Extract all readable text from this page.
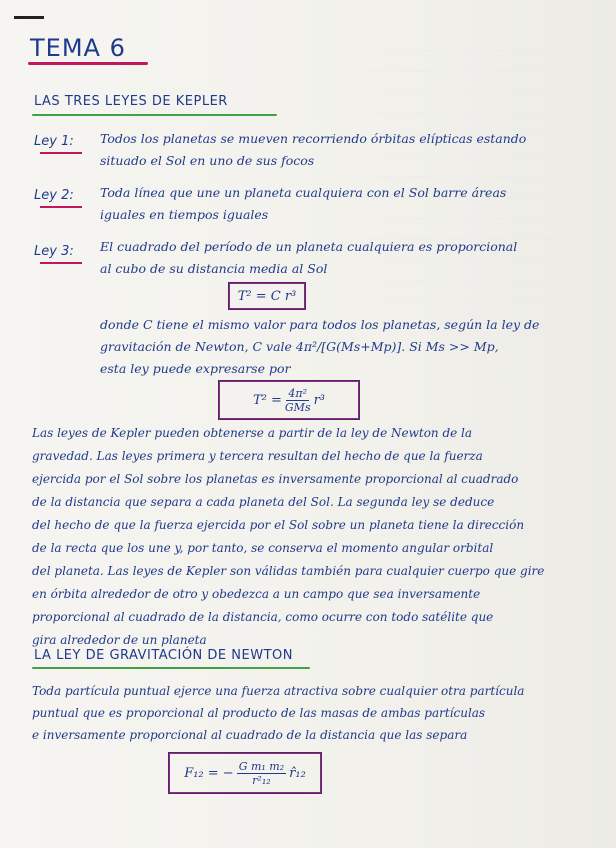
TEMA 6
LAS TRES LEYES DE KEPLER
Ley 1: Todos los planetas se mueven recorriendo órbitas elípticas estando
situado el Sol en uno de sus focos
Ley 2: Toda línea que une un planeta cualquiera con el Sol barre áreas
iguales en tiempos iguales
Ley 3: El cuadrado del período de un planeta cualquiera es proporcional
al cubo de su distancia media al Sol
T² = C r³
donde C tiene el mismo valor para todos los planetas, según la ley de
gravitación de Newton, C vale 4π²/[G(Ms+Mp)]. Si Ms >> Mp,
esta ley puede expresarse por
$T^2 = \frac{\text{4π²}}{\text{GMs}} r^3$
Las leyes de Kepler pueden obtenerse a partir de la ley de Newton de la
gravedad. Las leyes primera y tercera resultan del hecho de que la fuerza
ejercida por el Sol sobre los planetas es inversamente proporcional al cuadrado
de la distancia que separa a cada planeta del Sol. La segunda ley se deduce
del hecho de que la fuerza ejercida por el Sol sobre un planeta tiene la dirección
de la recta que los une y, por tanto, se conserva el momento angular orbital
del planeta. Las leyes de Kepler son válidas también para cualquier cuerpo que gire
en órbita alrededor de otro y obedezca a un campo que sea inversamente
proporcional al cuadrado de la distancia, como ocurre con todo satélite que
gira alrededor de un planeta
LA LEY DE GRAVITACIÓN DE NEWTON
Toda partícula puntual ejerce una fuerza atractiva sobre cualquier otra partícula
puntual que es proporcional al producto de las masas de ambas partículas
e inversamente proporcional al cuadrado de la distancia que las separa
F₁₂ = − $\frac{\text{G m₁ m₂}}{\text{r²₁₂}}$ r̂₁₂
